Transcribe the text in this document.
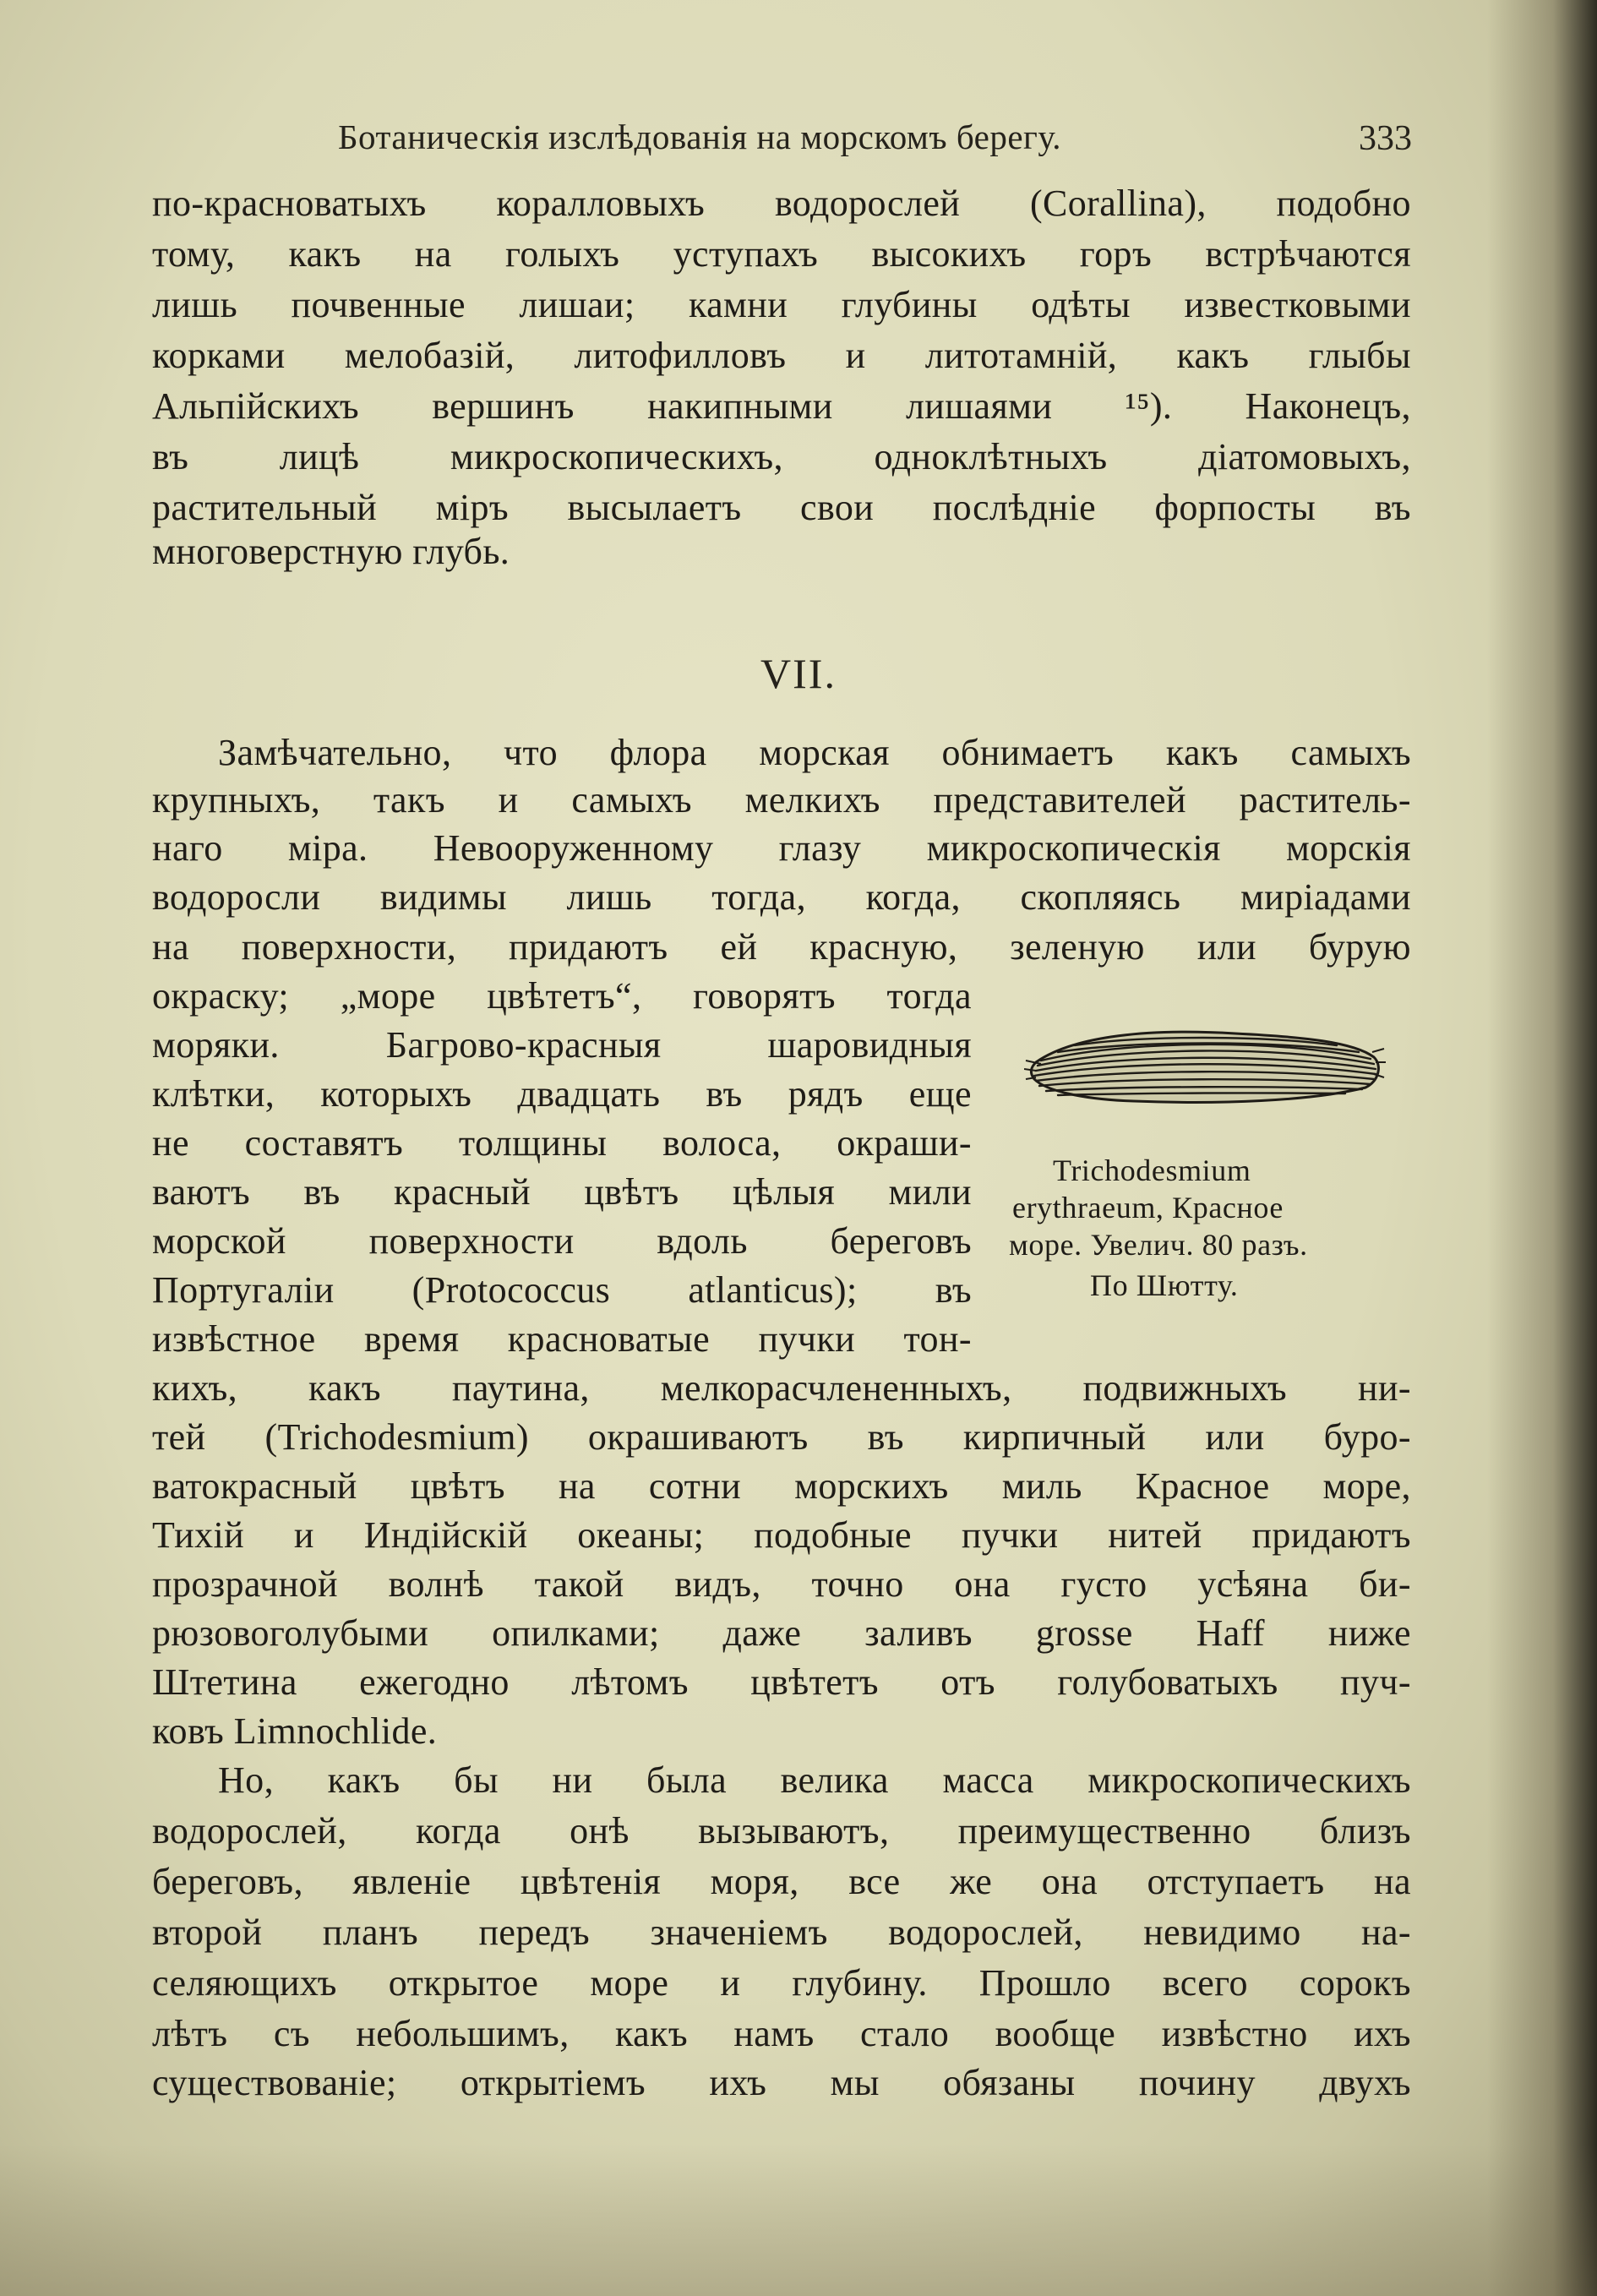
Ботаническія изслѣдованія на морскомъ берегу.	333
по-красноватыхъ коралловыхъ водорослей (Corallina), подобно
тому, какъ на голыхъ уступахъ высокихъ горъ встрѣчаются
лишь почвенные лишаи; камни глубины одѣты известковыми
корками мелобазій, литофилловъ и литотамній, какъ глыбы
Альпійскихъ вершинъ накипными лишаями ¹⁵). Наконецъ,
въ лицѣ микроскопическихъ, одноклѣтныхъ діатомовыхъ,
растительный міръ высылаетъ свои послѣдніе форпосты въ
многоверстную глубь.
VII.
Замѣчательно, что флора морская обнимаетъ какъ самыхъ
крупныхъ, такъ и самыхъ мелкихъ представителей раститель-
наго міра. Невооруженному глазу микроскопическія морскія
водоросли видимы лишь тогда, когда, скопляясь миріадами
на поверхности, придаютъ ей красную, зеленую или бурую
окраску; „море цвѣтетъ“, говорятъ тогда
моряки.	Багрово-красныя	шаровидныя
клѣтки, которыхъ двадцать въ рядъ еще
не составятъ толщины волоса, окраши-
ваютъ въ красный цвѣтъ цѣлыя мили
морской поверхности вдоль береговъ
Португаліи (Protococcus atlanticus); въ
извѣстное время красноватые пучки тон-
Trichodesmium
erythraeum, Красное
море. Увелич. 80 разъ.
По Шютту.
кихъ, какъ паутина, мелкорасчлененныхъ, подвижныхъ ни-
тей (Trichodesmium) окрашиваютъ въ кирпичный или буро-
ватокрасный цвѣтъ на сотни морскихъ миль Красное море,
Тихій и Индійскій океаны; подобные пучки нитей придаютъ
прозрачной волнѣ такой видъ, точно она густо усѣяна би-
рюзовоголубыми опилками; даже заливъ grosse Haff ниже
Штетина ежегодно лѣтомъ цвѣтетъ отъ голубоватыхъ пуч-
ковъ Limnochlide.
Но, какъ бы ни была велика масса микроскопическихъ
водорослей, когда онѣ вызываютъ, преимущественно близъ
береговъ, явленіе цвѣтенія моря, все же она отступаетъ на
второй планъ передъ значеніемъ водорослей, невидимо на-
селяющихъ открытое море и глубину. Прошло всего сорокъ
лѣтъ съ небольшимъ, какъ намъ стало вообще извѣстно ихъ
существованіе; открытіемъ ихъ мы обязаны почину двухъ
